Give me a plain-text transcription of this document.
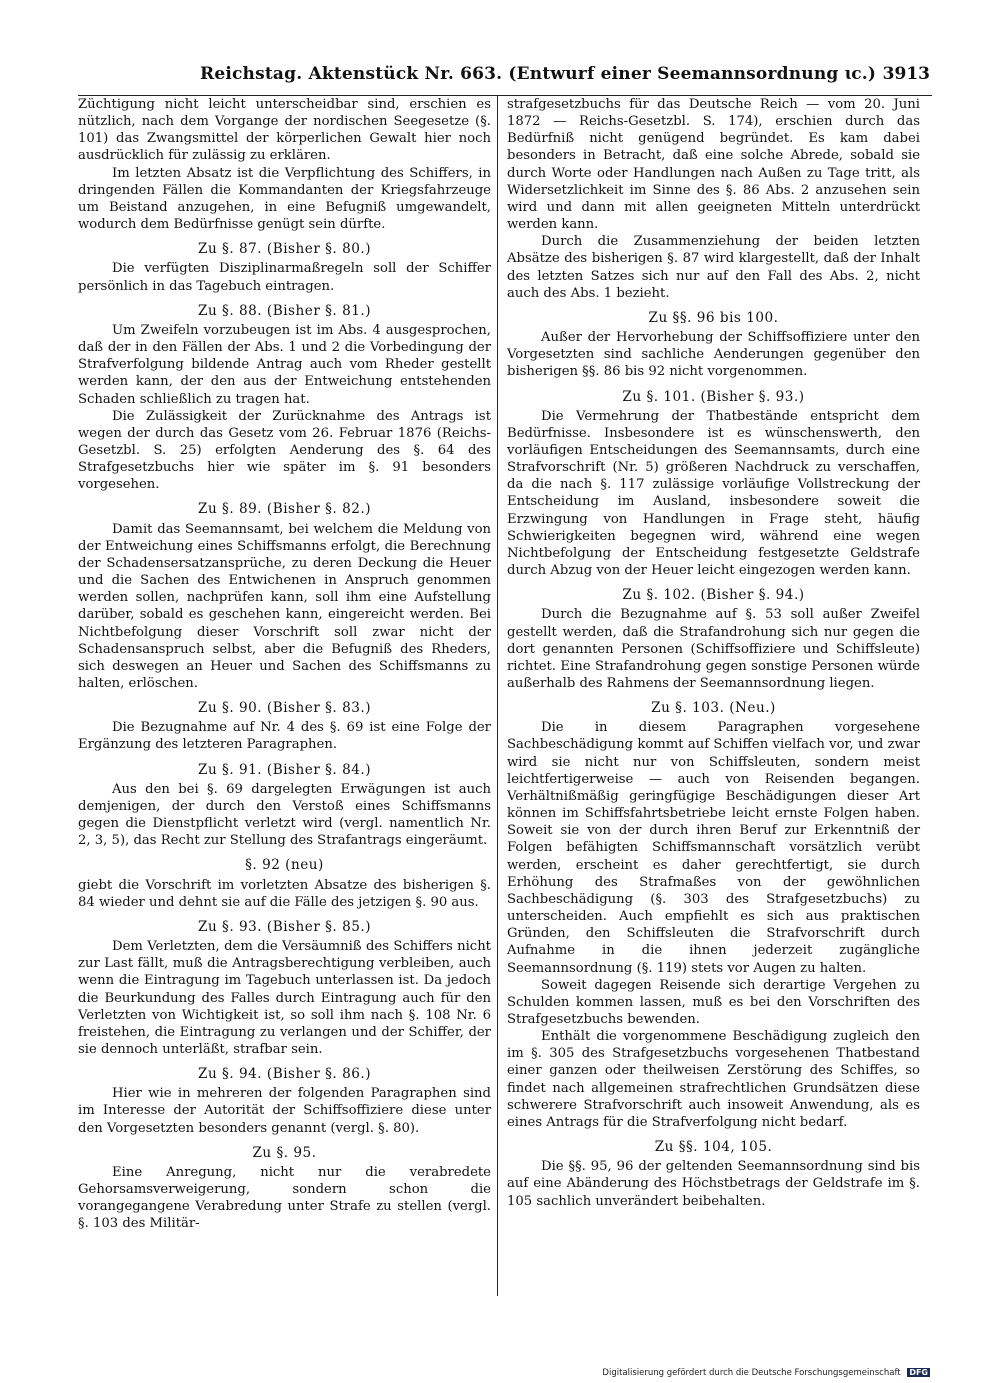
Reichstag. Aktenstück Nr. 663. (Entwurf einer Seemannsordnung ɩc.) 3913

Züchtigung nicht leicht unterscheidbar sind, erschien es nützlich, nach dem Vorgange der nordischen Seegesetze (§. 101) das Zwangsmittel der körperlichen Gewalt hier noch ausdrücklich für zulässig zu erklären.

Im letzten Absatz ist die Verpflichtung des Schiffers, in dringenden Fällen die Kommandanten der Kriegsfahrzeuge um Beistand anzugehen, in eine Befugniß umgewandelt, wodurch dem Bedürfnisse genügt sein dürfte.

Zu §. 87. (Bisher §. 80.)

Die verfügten Disziplinarmaßregeln soll der Schiffer persönlich in das Tagebuch eintragen.

Zu §. 88. (Bisher §. 81.)

Um Zweifeln vorzubeugen ist im Abs. 4 ausgesprochen, daß der in den Fällen der Abs. 1 und 2 die Vorbedingung der Strafverfolgung bildende Antrag auch vom Rheder gestellt werden kann, der den aus der Entweichung entstehenden Schaden schließlich zu tragen hat.

Die Zulässigkeit der Zurücknahme des Antrags ist wegen der durch das Gesetz vom 26. Februar 1876 (Reichs-Gesetzbl. S. 25) erfolgten Aenderung des §. 64 des Strafgesetzbuchs hier wie später im §. 91 besonders vorgesehen.

Zu §. 89. (Bisher §. 82.)

Damit das Seemannsamt, bei welchem die Meldung von der Entweichung eines Schiffsmanns erfolgt, die Berechnung der Schadensersatzansprüche, zu deren Deckung die Heuer und die Sachen des Entwichenen in Anspruch genommen werden sollen, nachprüfen kann, soll ihm eine Aufstellung darüber, sobald es geschehen kann, eingereicht werden. Bei Nichtbefolgung dieser Vorschrift soll zwar nicht der Schadensanspruch selbst, aber die Befugniß des Rheders, sich deswegen an Heuer und Sachen des Schiffsmanns zu halten, erlöschen.

Zu §. 90. (Bisher §. 83.)

Die Bezugnahme auf Nr. 4 des §. 69 ist eine Folge der Ergänzung des letzteren Paragraphen.

Zu §. 91. (Bisher §. 84.)

Aus den bei §. 69 dargelegten Erwägungen ist auch demjenigen, der durch den Verstoß eines Schiffsmanns gegen die Dienstpflicht verletzt wird (vergl. namentlich Nr. 2, 3, 5), das Recht zur Stellung des Strafantrags eingeräumt.

§. 92 (neu)

giebt die Vorschrift im vorletzten Absatze des bisherigen §. 84 wieder und dehnt sie auf die Fälle des jetzigen §. 90 aus.

Zu §. 93. (Bisher §. 85.)

Dem Verletzten, dem die Versäumniß des Schiffers nicht zur Last fällt, muß die Antragsberechtigung verbleiben, auch wenn die Eintragung im Tagebuch unterlassen ist. Da jedoch die Beurkundung des Falles durch Eintragung auch für den Verletzten von Wichtigkeit ist, so soll ihm nach §. 108 Nr. 6 freistehen, die Eintragung zu verlangen und der Schiffer, der sie dennoch unterläßt, strafbar sein.

Zu §. 94. (Bisher §. 86.)

Hier wie in mehreren der folgenden Paragraphen sind im Interesse der Autorität der Schiffsoffiziere diese unter den Vorgesetzten besonders genannt (vergl. §. 80).

Zu §. 95.

Eine Anregung, nicht nur die verabredete Gehorsamsverweigerung, sondern schon die vorangegangene Verabredung unter Strafe zu stellen (vergl. §. 103 des Militär-

strafgesetzbuchs für das Deutsche Reich — vom 20. Juni 1872 — Reichs-Gesetzbl. S. 174), erschien durch das Bedürfniß nicht genügend begründet. Es kam dabei besonders in Betracht, daß eine solche Abrede, sobald sie durch Worte oder Handlungen nach Außen zu Tage tritt, als Widersetzlichkeit im Sinne des §. 86 Abs. 2 anzusehen sein wird und dann mit allen geeigneten Mitteln unterdrückt werden kann.

Durch die Zusammenziehung der beiden letzten Absätze des bisherigen §. 87 wird klargestellt, daß der Inhalt des letzten Satzes sich nur auf den Fall des Abs. 2, nicht auch des Abs. 1 bezieht.

Zu §§. 96 bis 100.

Außer der Hervorhebung der Schiffsoffiziere unter den Vorgesetzten sind sachliche Aenderungen gegenüber den bisherigen §§. 86 bis 92 nicht vorgenommen.

Zu §. 101. (Bisher §. 93.)

Die Vermehrung der Thatbestände entspricht dem Bedürfnisse. Insbesondere ist es wünschenswerth, den vorläufigen Entscheidungen des Seemannsamts, durch eine Strafvorschrift (Nr. 5) größeren Nachdruck zu verschaffen, da die nach §. 117 zulässige vorläufige Vollstreckung der Entscheidung im Ausland, insbesondere soweit die Erzwingung von Handlungen in Frage steht, häufig Schwierigkeiten begegnen wird, während eine wegen Nichtbefolgung der Entscheidung festgesetzte Geldstrafe durch Abzug von der Heuer leicht eingezogen werden kann.

Zu §. 102. (Bisher §. 94.)

Durch die Bezugnahme auf §. 53 soll außer Zweifel gestellt werden, daß die Strafandrohung sich nur gegen die dort genannten Personen (Schiffsoffiziere und Schiffsleute) richtet. Eine Strafandrohung gegen sonstige Personen würde außerhalb des Rahmens der Seemannsordnung liegen.

Zu §. 103. (Neu.)

Die in diesem Paragraphen vorgesehene Sachbeschädigung kommt auf Schiffen vielfach vor, und zwar wird sie nicht nur von Schiffsleuten, sondern meist leichtfertigerweise — auch von Reisenden begangen. Verhältnißmäßig geringfügige Beschädigungen dieser Art können im Schiffsfahrtsbetriebe leicht ernste Folgen haben. Soweit sie von der durch ihren Beruf zur Erkenntniß der Folgen befähigten Schiffsmannschaft vorsätzlich verübt werden, erscheint es daher gerechtfertigt, sie durch Erhöhung des Strafmaßes von der gewöhnlichen Sachbeschädigung (§. 303 des Strafgesetzbuchs) zu unterscheiden. Auch empfiehlt es sich aus praktischen Gründen, den Schiffsleuten die Strafvorschrift durch Aufnahme in die ihnen jederzeit zugängliche Seemannsordnung (§. 119) stets vor Augen zu halten.

Soweit dagegen Reisende sich derartige Vergehen zu Schulden kommen lassen, muß es bei den Vorschriften des Strafgesetzbuchs bewenden.

Enthält die vorgenommene Beschädigung zugleich den im §. 305 des Strafgesetzbuchs vorgesehenen Thatbestand einer ganzen oder theilweisen Zerstörung des Schiffes, so findet nach allgemeinen strafrechtlichen Grundsätzen diese schwerere Strafvorschrift auch insoweit Anwendung, als es eines Antrags für die Strafverfolgung nicht bedarf.

Zu §§. 104, 105.

Die §§. 95, 96 der geltenden Seemannsordnung sind bis auf eine Abänderung des Höchstbetrags der Geldstrafe im §. 105 sachlich unverändert beibehalten.

Digitalisierung gefördert durch die Deutsche Forschungsgemeinschaft DFG
